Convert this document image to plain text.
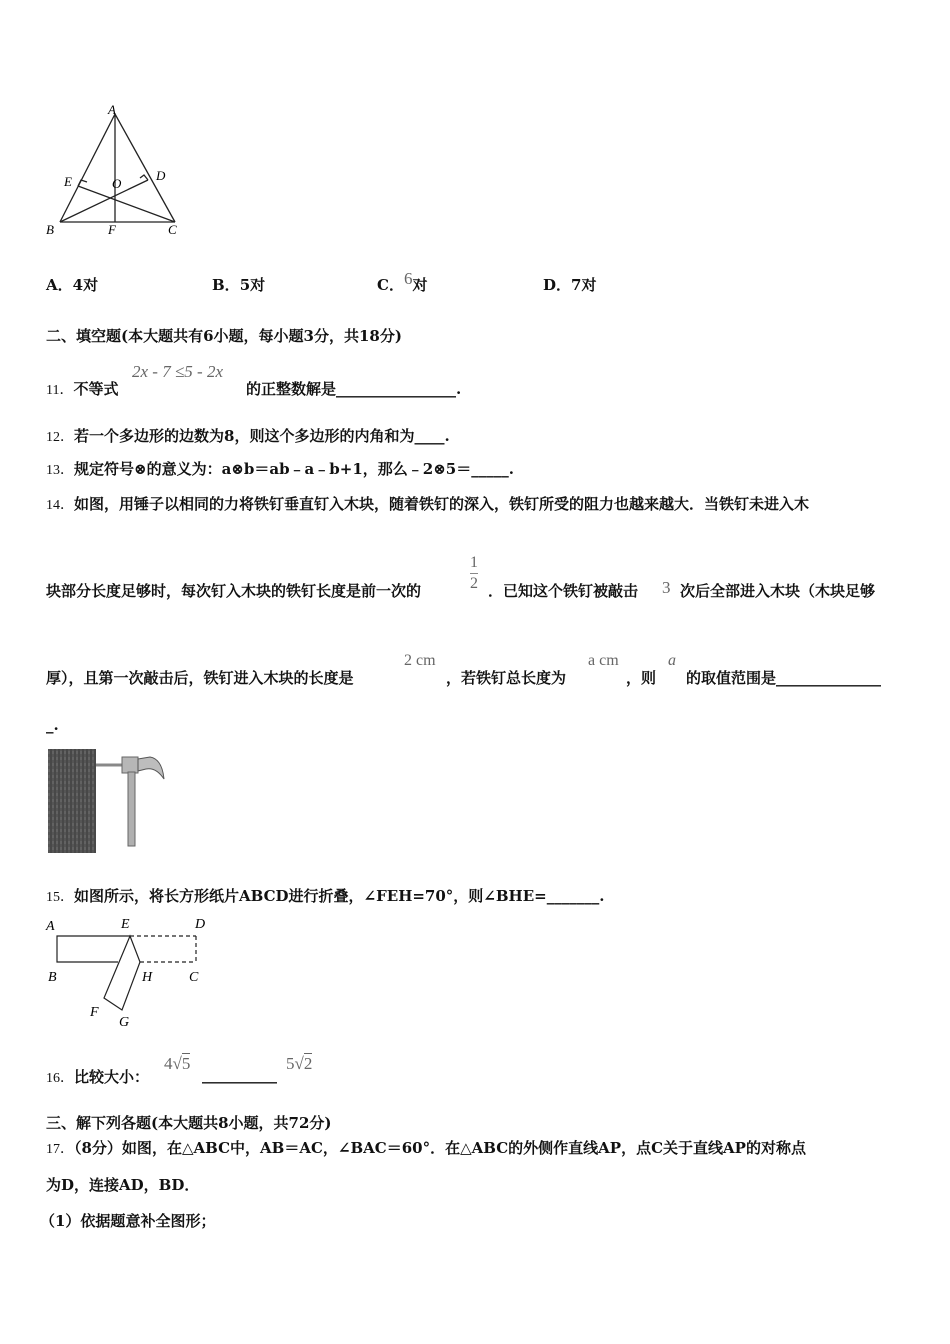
A
E	O
D
B	F	C
A．4对	B．5对	C．6对	D．7对
二、填空题(本大题共有6小题，每小题3分，共18分)
11．不等式
2x - 7 ≤5 - 2x
的正整数解是________________.
12．若一个多边形的边数为8，则这个多边形的内角和为____.
13．规定符号⊗的意义为：a⊗b＝ab﹣a﹣b+1，那么﹣2⊗5＝_____.
14．如图，用锤子以相同的力将铁钉垂直钉入木块，随着铁钉的深入，铁钉所受的阻力也越来越大．当铁钉未进入木
块部分长度足够时，每次钉入木块的铁钉长度是前一次的	$\frac{1}{2}$ ．已知这个铁钉被敲击 3 次后全部进入木块（木块足够
厚），且第一次敲击后，铁钉进入木块的长度是
2 cm
，若铁钉总长度为
a cm
，则
a
的取值范围是______________
_.
15．如图所示，将长方形纸片ABCD进行折叠，∠FEH=70°，则∠BHE=_______.
A	E	D
B	H	C
F
G
16．比较大小：
4√5
__________
5√2
三、解下列各题(本大题共8小题，共72分)
17．（8分）如图，在△ABC中，AB＝AC，∠BAC＝60°．在△ABC的外侧作直线AP，点C关于直线AP的对称点
为D，连接AD，BD．
（1）依据题意补全图形；
